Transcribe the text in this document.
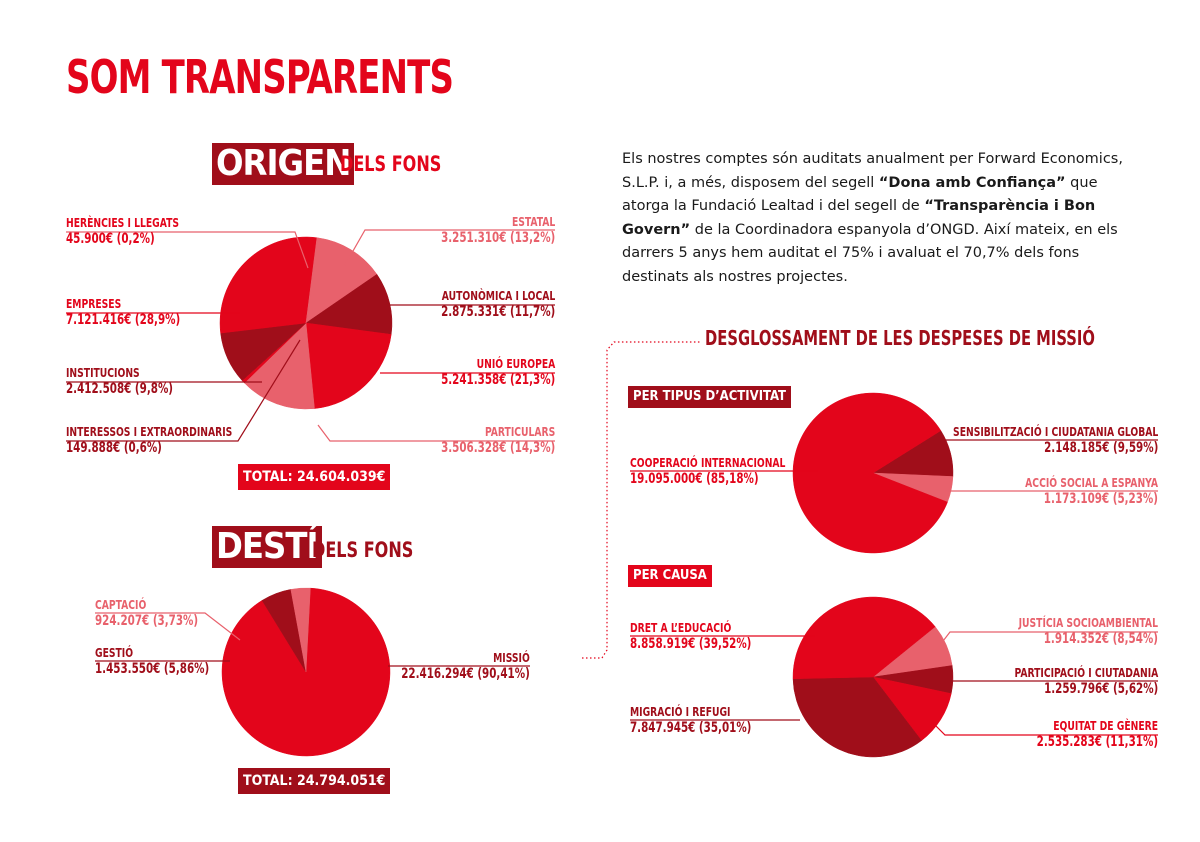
SOM TRANSPARENTS
Els nostres comptes són auditats anualment per Forward Economics, S.L.P. i, a més, disposem del segell “Dona amb Confiança” que atorga la Fundació Lealtad i del segell de “Transparència i Bon Govern” de la Coordinadora espanyola d’ONGD. Així mateix, en els darrers 5 anys hem auditat el 75% i avaluat el 70,7% dels fons destinats als nostres projectes.
ORIGEN
DELS FONS
DESTÍ
DELS FONS
TOTAL: 24.604.039€
TOTAL: 24.794.051€
DESGLOSSAMENT DE LES DESPESES DE MISSIÓ
PER TIPUS D’ACTIVITAT
PER CAUSA
HERÈNCIES I LLEGATS
45.900€ (0,2%)
EMPRESES
7.121.416€ (28,9%)
INSTITUCIONS
2.412.508€ (9,8%)
INTERESSOS I EXTRAORDINARIS
149.888€ (0,6%)
ESTATAL
3.251.310€ (13,2%)
AUTONÒMICA I LOCAL
2.875.331€ (11,7%)
UNIÓ EUROPEA
5.241.358€ (21,3%)
PARTICULARS
3.506.328€ (14,3%)
CAPTACIÓ
924.207€ (3,73%)
GESTIÓ
1.453.550€ (5,86%)
MISSIÓ
22.416.294€ (90,41%)
COOPERACIÓ INTERNACIONAL
19.095.000€ (85,18%)
SENSIBILITZACIÓ I CIUDATANIA GLOBAL
2.148.185€ (9,59%)
ACCIÓ SOCIAL A ESPANYA
1.173.109€ (5,23%)
DRET A L’EDUCACIÓ
8.858.919€ (39,52%)
MIGRACIÓ I REFUGI
7.847.945€ (35,01%)
JUSTÍCIA SOCIOAMBIENTAL
1.914.352€ (8,54%)
PARTICIPACIÓ I CIUTADANIA
1.259.796€ (5,62%)
EQUITAT DE GÈNERE
2.535.283€ (11,31%)
